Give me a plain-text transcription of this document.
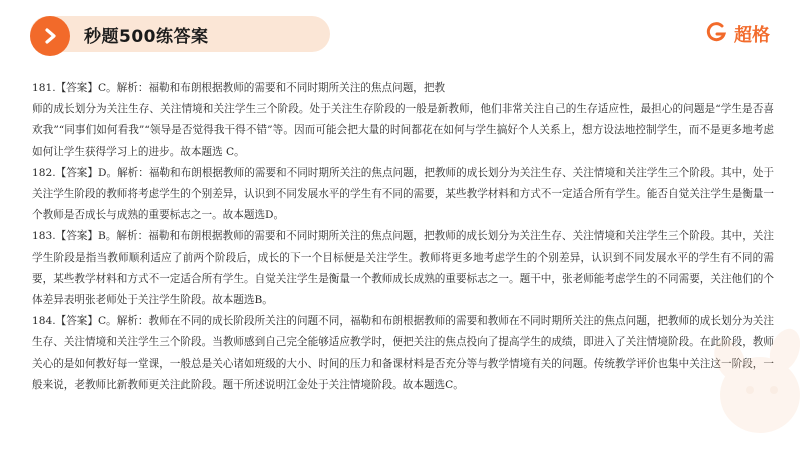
秒题500练答案	超格

181.【答案】C。解析：福勒和布朗根据教师的需要和不同时期所关注的焦点问题，把教
师的成长划分为关注生存、关注情境和关注学生三个阶段。处于关注生存阶段的一般是新教师，他们非常关注自己的生存适应性，最担心的问题是“学生是否喜欢我”“同事们如何看我”“领导是否觉得我干得不错”等。因而可能会把大量的时间都花在如何与学生搞好个人关系上，想方设法地控制学生，而不是更多地考虑如何让学生获得学习上的进步。故本题选 C。

182.【答案】D。解析：福勒和布朗根据教师的需要和不同时期所关注的焦点问题，把教师的成长划分为关注生存、关注情境和关注学生三个阶段。其中，处于关注学生阶段的教师将考虑学生的个别差异，认识到不同发展水平的学生有不同的需要，某些教学材料和方式不一定适合所有学生。能否自觉关注学生是衡量一个教师是否成长与成熟的重要标志之一。故本题选D。

183.【答案】B。解析：福勒和布朗根据教师的需要和不同时期所关注的焦点问题，把教师的成长划分为关注生存、关注情境和关注学生三个阶段。其中，关注学生阶段是指当教师顺利适应了前两个阶段后，成长的下一个目标便是关注学生。教师将更多地考虑学生的个别差异，认识到不同发展水平的学生有不同的需要，某些教学材料和方式不一定适合所有学生。自觉关注学生是衡量一个教师成长成熟的重要标志之一。题干中，张老师能考虑学生的不同需要，关注他们的个体差异表明张老师处于关注学生阶段。故本题选B。

184.【答案】C。解析：教师在不同的成长阶段所关注的问题不同，福勒和布朗根据教师的需要和教师在不同时期所关注的焦点问题，把教师的成长划分为关注生存、关注情境和关注学生三个阶段。当教师感到自己完全能够适应教学时，便把关注的焦点投向了提高学生的成绩，即进入了关注情境阶段。在此阶段，教师关心的是如何教好每一堂课，一般总是关心诸如班级的大小、时间的压力和备课材料是否充分等与教学情境有关的问题。传统教学评价也集中关注这一阶段，一般来说，老教师比新教师更关注此阶段。题干所述说明江金处于关注情境阶段。故本题选C。
